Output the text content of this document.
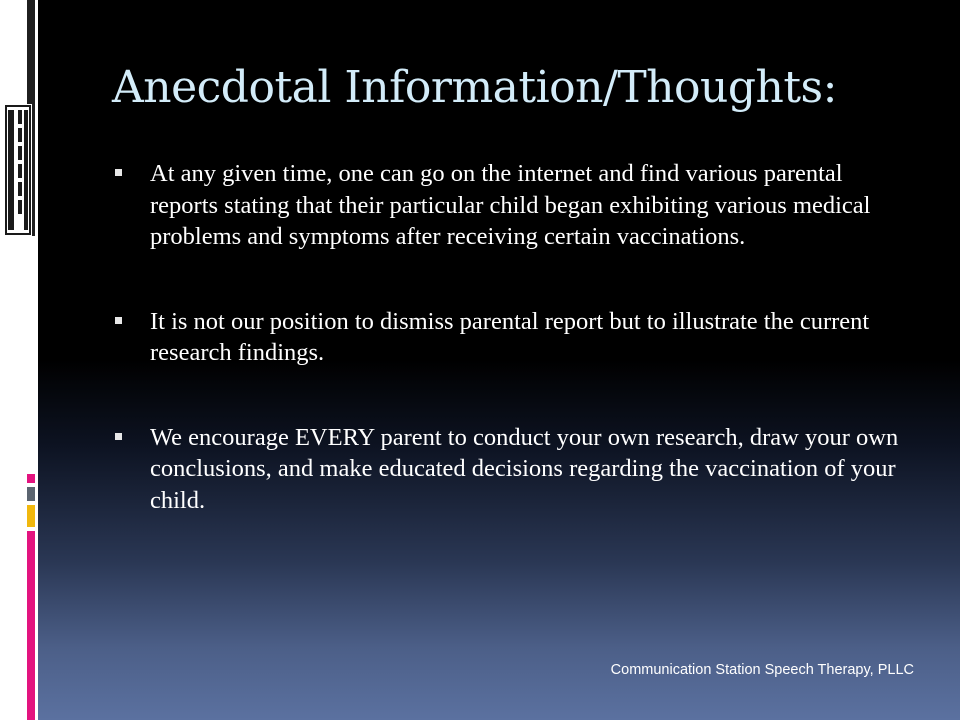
Anecdotal Information/Thoughts:
At any given time, one can go on the internet and find various parental reports stating that their particular child began exhibiting various medical problems and symptoms after receiving certain vaccinations.
It is not our position to dismiss parental report but to illustrate the current research findings.
We encourage EVERY parent to conduct your own research, draw your own conclusions, and make educated decisions regarding the vaccination of your child.
Communication Station Speech Therapy, PLLC
